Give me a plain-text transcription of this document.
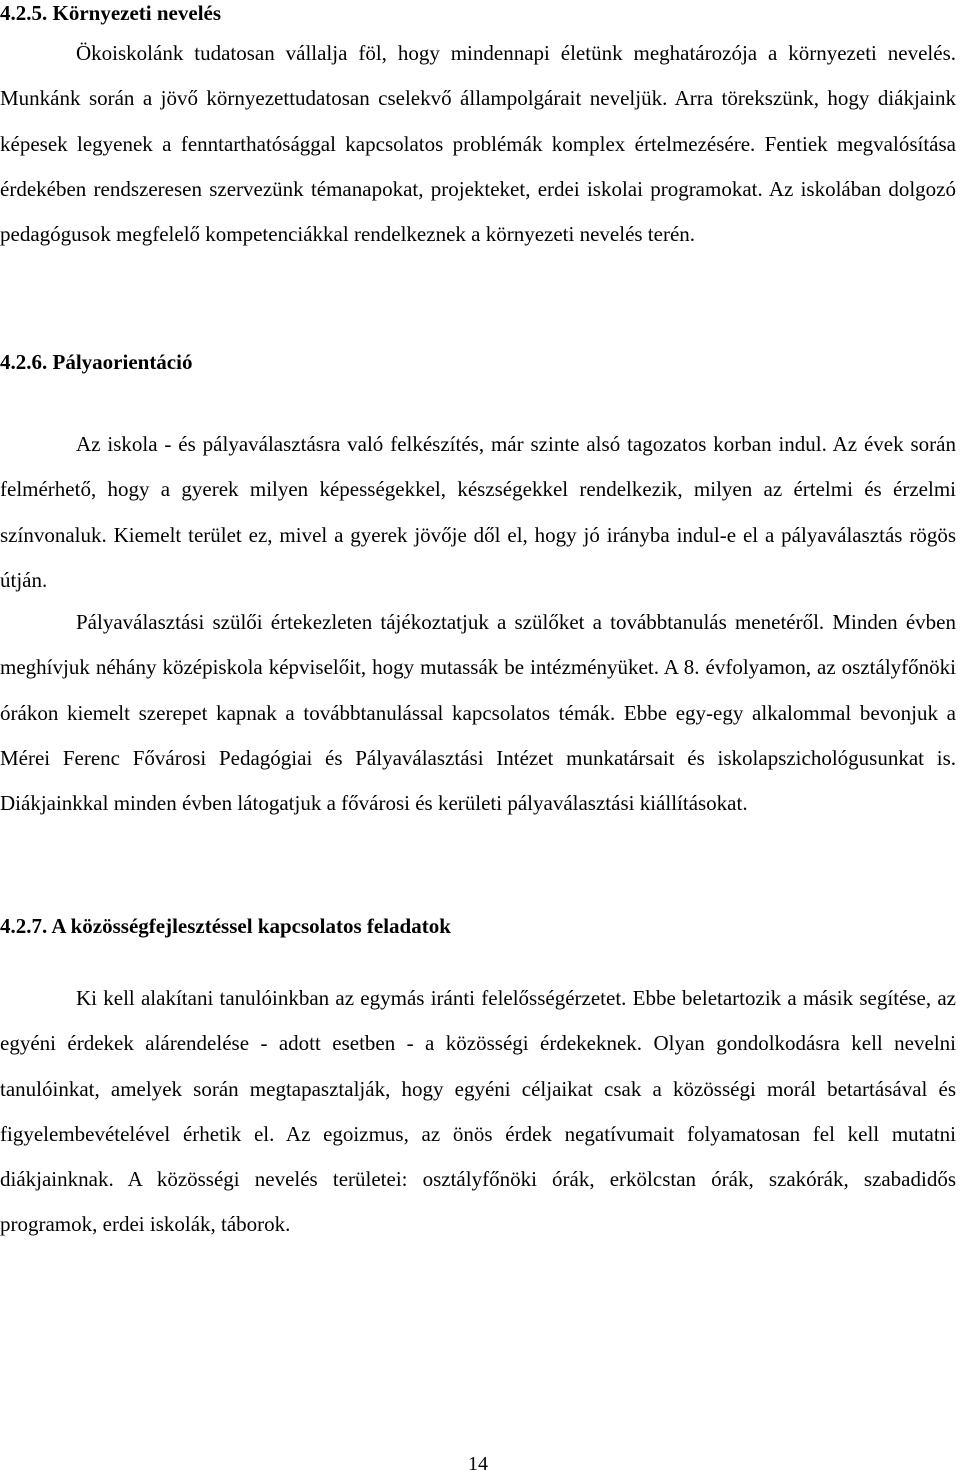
4.2.5. Környezeti nevelés

Ökoiskolánk tudatosan vállalja föl, hogy mindennapi életünk meghatározója a környezeti nevelés. Munkánk során a jövő környezettudatosan cselekvő állampolgárait neveljük. Arra törekszünk, hogy diákjaink képesek legyenek a fenntarthatósággal kapcsolatos problémák komplex értelmezésére. Fentiek megvalósítása érdekében rendszeresen szervezünk témanapokat, projekteket, erdei iskolai programokat. Az iskolában dolgozó pedagógusok megfelelő kompetenciákkal rendelkeznek a környezeti nevelés terén.

4.2.6. Pályaorientáció

Az iskola - és pályaválasztásra való felkészítés, már szinte alsó tagozatos korban indul. Az évek során felmérhető, hogy a gyerek milyen képességekkel, készségekkel rendelkezik, milyen az értelmi és érzelmi színvonaluk. Kiemelt terület ez, mivel a gyerek jövője dől el, hogy jó irányba indul-e el a pályaválasztás rögös útján.

Pályaválasztási szülői értekezleten tájékoztatjuk a szülőket a továbbtanulás menetéről. Minden évben meghívjuk néhány középiskola képviselőit, hogy mutassák be intézményüket. A 8. évfolyamon, az osztályfőnöki órákon kiemelt szerepet kapnak a továbbtanulással kapcsolatos témák. Ebbe egy-egy alkalommal bevonjuk a Mérei Ferenc Fővárosi Pedagógiai és Pályaválasztási Intézet munkatársait és iskolapszichológusunkat is. Diákjainkkal minden évben látogatjuk a fővárosi és kerületi pályaválasztási kiállításokat.

4.2.7. A közösségfejlesztéssel kapcsolatos feladatok

Ki kell alakítani tanulóinkban az egymás iránti felelősségérzetet. Ebbe beletartozik a másik segítése, az egyéni érdekek alárendelése - adott esetben - a közösségi érdekeknek. Olyan gondolkodásra kell nevelni tanulóinkat, amelyek során megtapasztalják, hogy egyéni céljaikat csak a közösségi morál betartásával és figyelembevételével érhetik el. Az egoizmus, az önös érdek negatívumait folyamatosan fel kell mutatni diákjainknak. A közösségi nevelés területei: osztályfőnöki órák, erkölcstan órák, szakórák, szabadidős programok, erdei iskolák, táborok.

14
